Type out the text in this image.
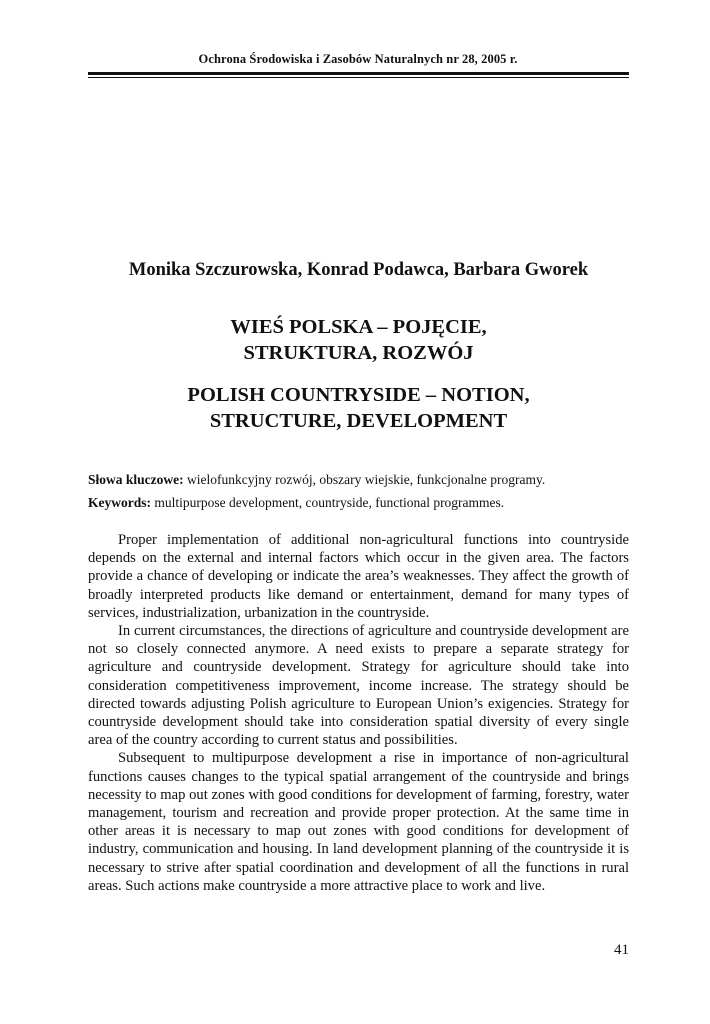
Ochrona Środowiska i Zasobów Naturalnych nr 28, 2005 r.
Monika Szczurowska, Konrad Podawca, Barbara Gworek
WIEŚ POLSKA – POJĘCIE,
STRUKTURA, ROZWÓJ
POLISH COUNTRYSIDE – NOTION,
STRUCTURE, DEVELOPMENT
Słowa kluczowe: wielofunkcyjny rozwój, obszary wiejskie, funkcjonalne programy.
Keywords: multipurpose development, countryside, functional programmes.

Proper implementation of additional non-agricultural functions into countryside depends on the external and internal factors which occur in the given area. The factors provide a chance of developing or indicate the area’s weaknesses. They affect the growth of broadly interpreted products like demand or entertainment, demand for many types of services, industrialization, urbanization in the countryside.

In current circumstances, the directions of agriculture and countryside development are not so closely connected anymore. A need exists to prepare a separate strategy for agriculture and countryside development. Strategy for agriculture should take into consideration competitiveness improvement, income increase. The strategy should be directed towards adjusting Polish agriculture to European Union’s exigencies. Strategy for countryside development should take into consideration spatial diversity of every single area of the country according to current status and possibilities.

Subsequent to multipurpose development a rise in importance of non-agricultural functions causes changes to the typical spatial arrangement of the countryside and brings necessity to map out zones with good conditions for development of farming, forestry, water management, tourism and recreation and provide proper protection. At the same time in other areas it is necessary to map out zones with good conditions for development of industry, communication and housing. In land development planning of the countryside it is necessary to strive after spatial coordination and development of all the functions in rural areas. Such actions make countryside a more attractive place to work and live.

41
